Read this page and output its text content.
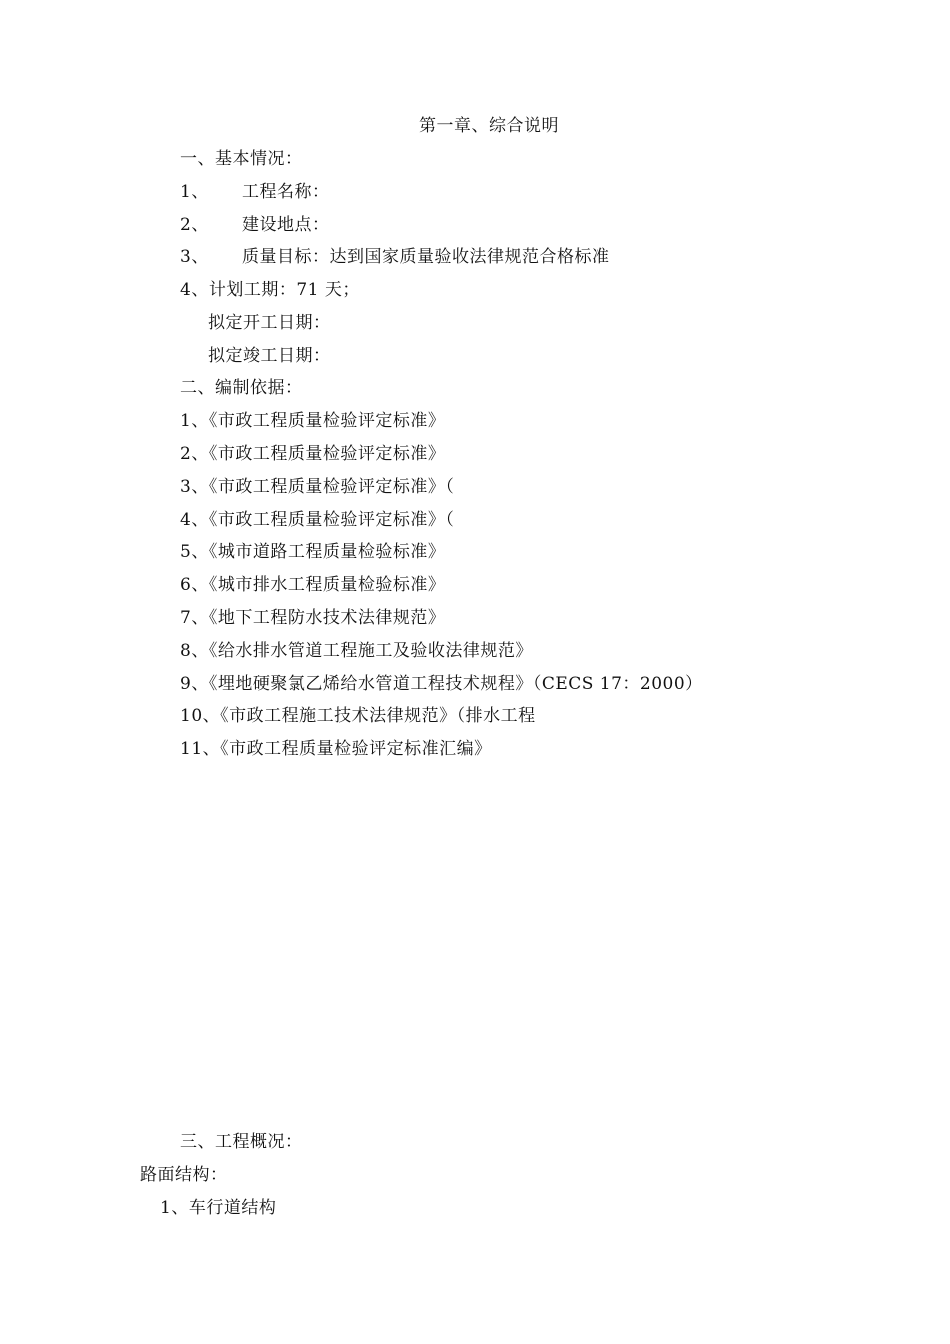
第一章、综合说明
一、基本情况：
1、 工程名称：
2、 建设地点：
3、 质量目标：达到国家质量验收法律规范合格标准
4、计划工期：71 天；
拟定开工日期：
拟定竣工日期：
二、编制依据：
1、《市政工程质量检验评定标准》
2、《市政工程质量检验评定标准》
3、《市政工程质量检验评定标准》（
4、《市政工程质量检验评定标准》（
5、《城市道路工程质量检验标准》
6、《城市排水工程质量检验标准》
7、《地下工程防水技术法律规范》
8、《给水排水管道工程施工及验收法律规范》
9、《埋地硬聚氯乙烯给水管道工程技术规程》（CECS 17：2000）
10、《市政工程施工技术法律规范》（排水工程
11、《市政工程质量检验评定标准汇编》
三、工程概况：
路面结构：
1、车行道结构
